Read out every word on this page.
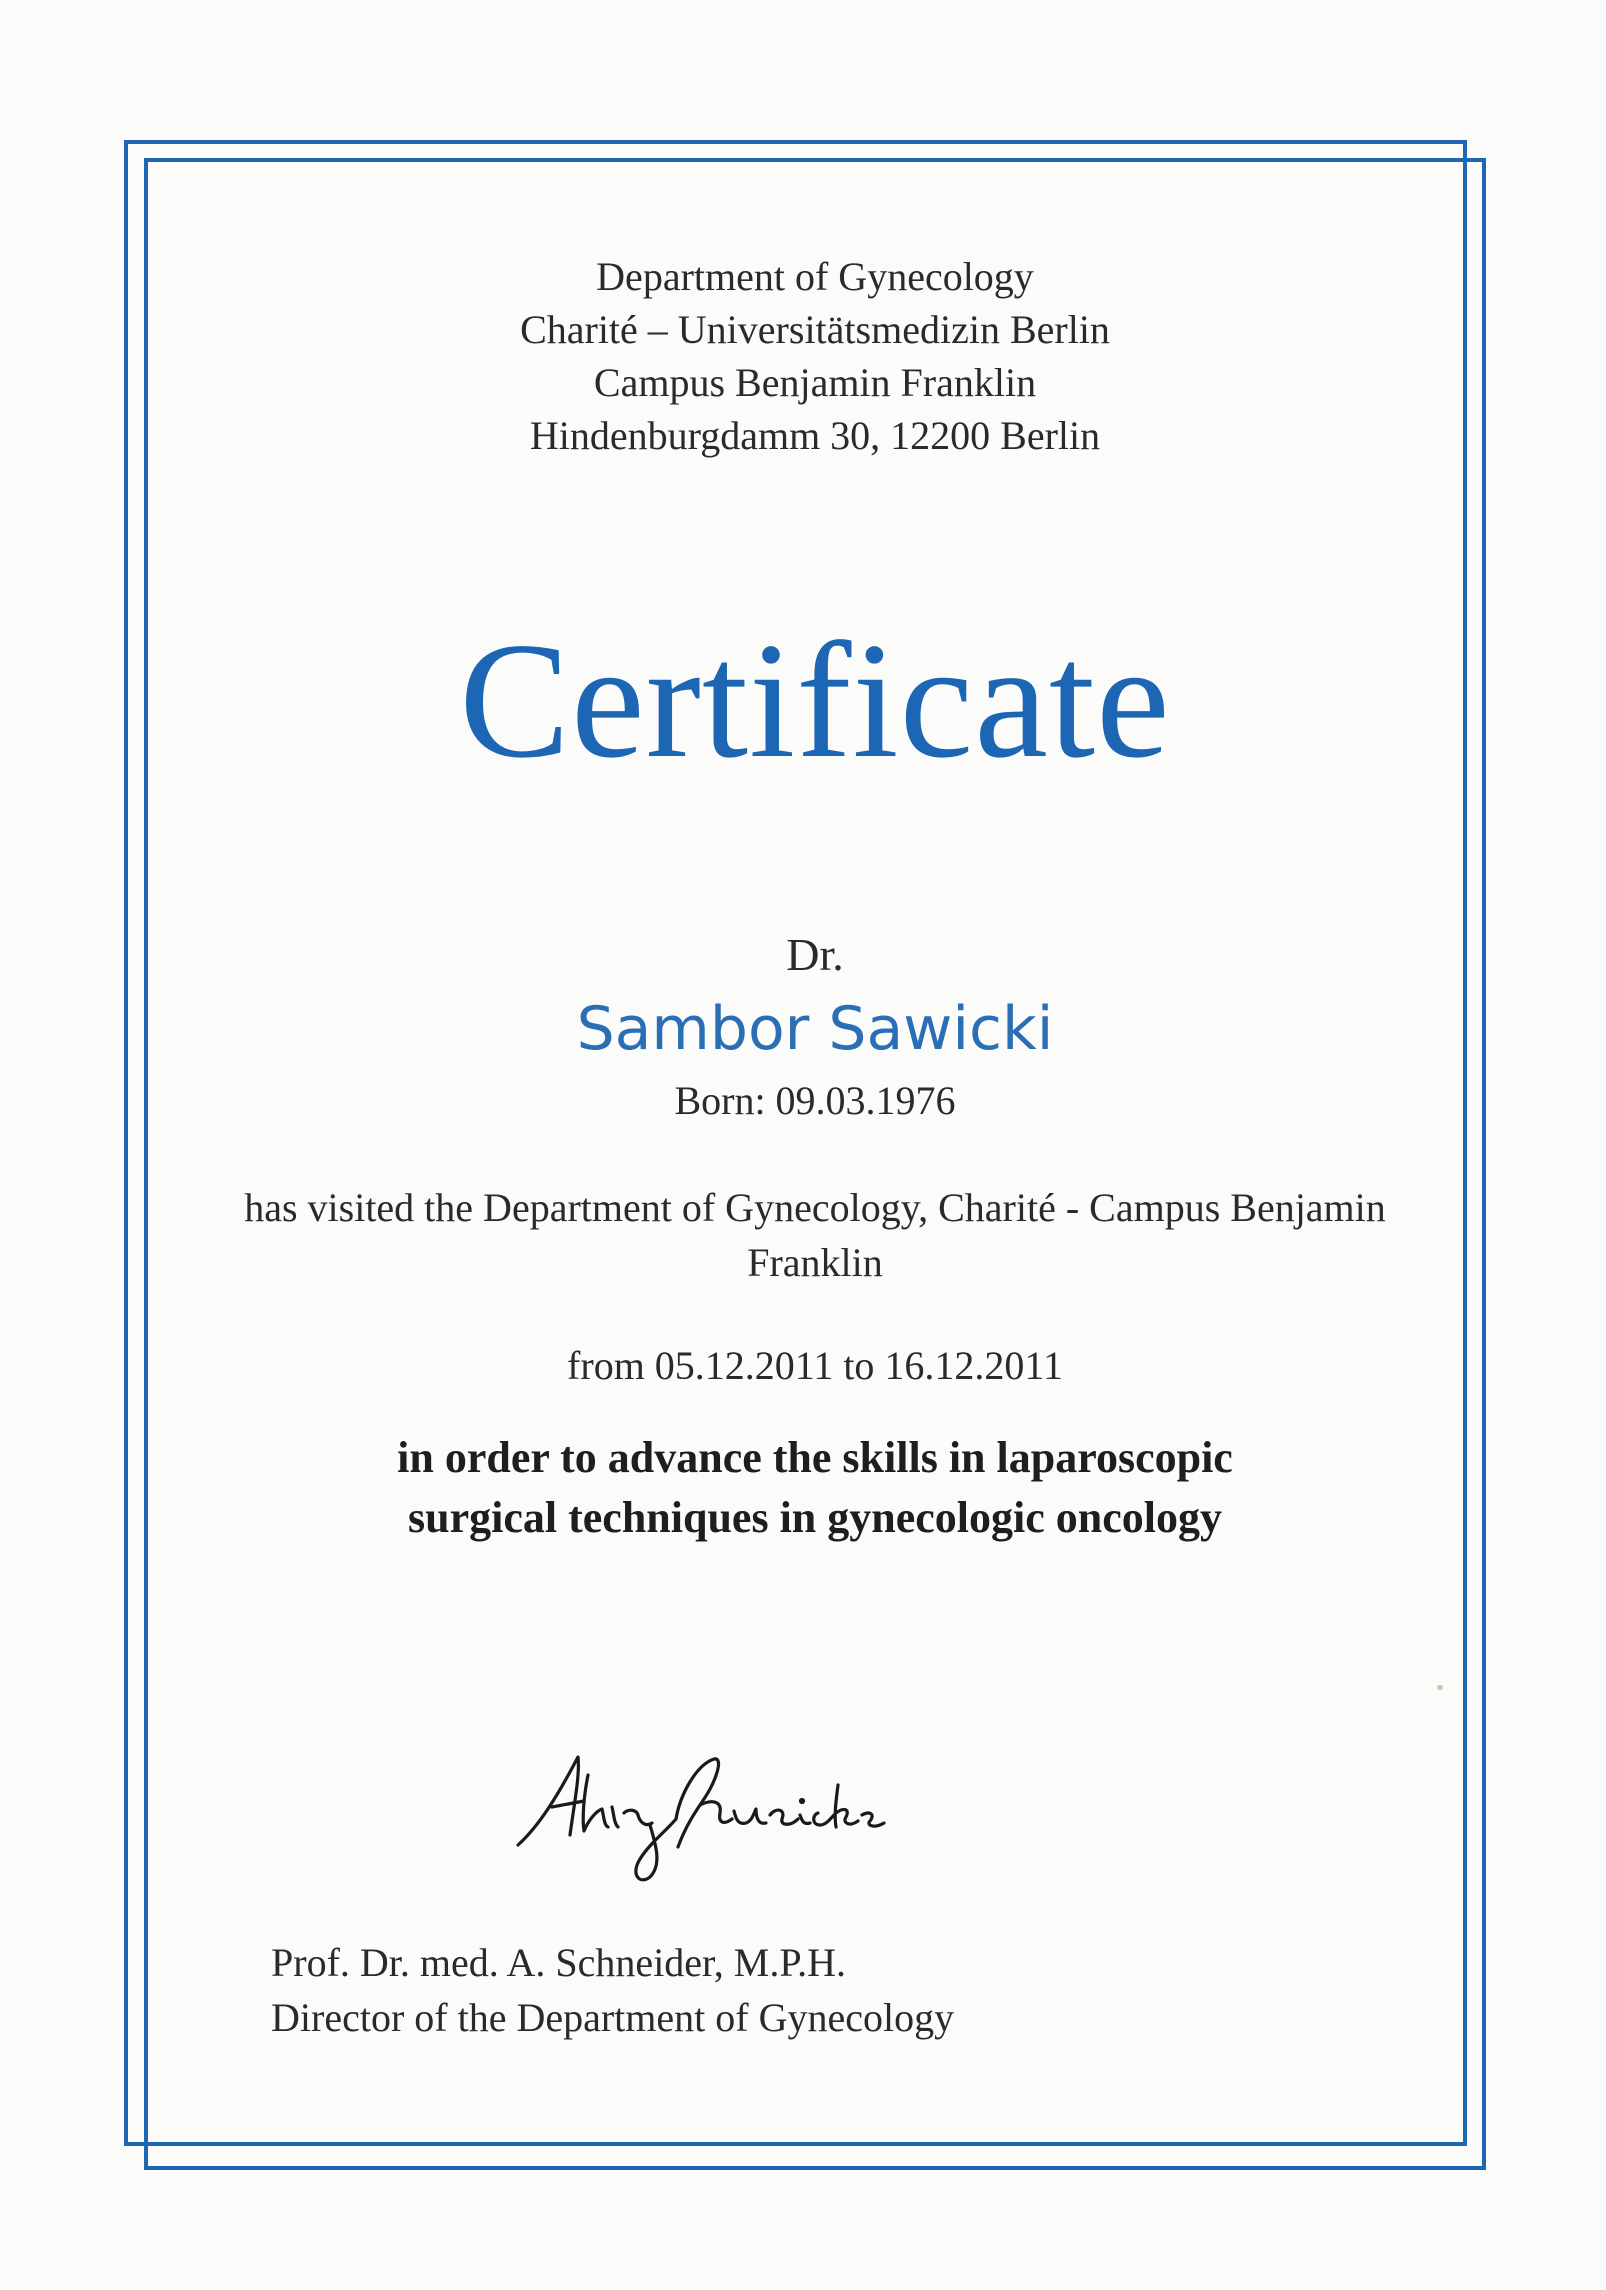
Department of Gynecology
Charité – Universitätsmedizin Berlin
Campus Benjamin Franklin
Hindenburgdamm 30, 12200 Berlin
Certificate
Dr.
Sambor Sawicki
Born: 09.03.1976
has visited the Department of Gynecology, Charité - Campus Benjamin Franklin
from 05.12.2011 to 16.12.2011
in order to advance the skills in laparoscopic
surgical techniques in gynecologic oncology
Prof. Dr. med. A. Schneider, M.P.H.
Director of the Department of Gynecology
